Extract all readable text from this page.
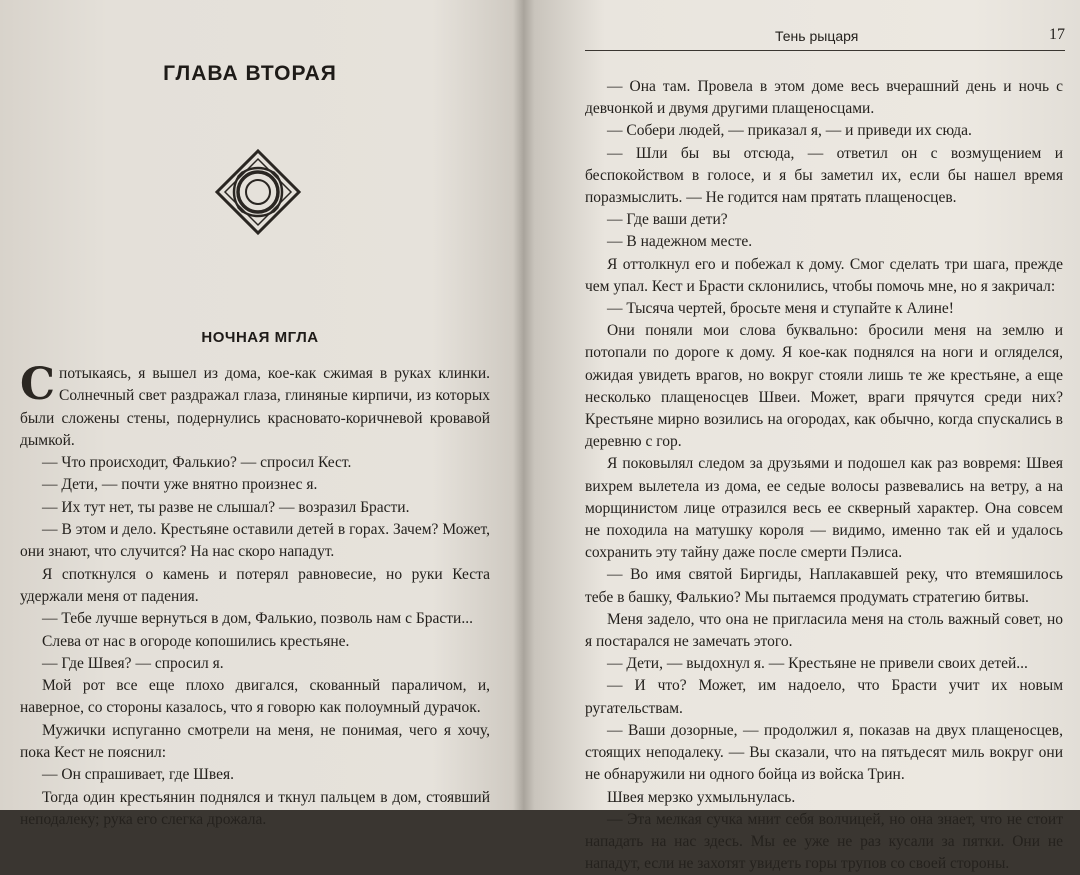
ГЛАВА ВТОРАЯ
НОЧНАЯ МГЛА

Спотыкаясь, я вышел из дома, кое-как сжимая в руках клинки. Солнечный свет раздражал глаза, глиняные кирпичи, из которых были сложены стены, подернулись красновато-коричневой кровавой дымкой.

— Что происходит, Фалькио? — спросил Кест.

— Дети, — почти уже внятно произнес я.

— Их тут нет, ты разве не слышал? — возразил Брасти.

— В этом и дело. Крестьяне оставили детей в горах. Зачем? Может, они знают, что случится? На нас скоро нападут.

Я споткнулся о камень и потерял равновесие, но руки Кеста удержали меня от падения.

— Тебе лучше вернуться в дом, Фалькио, позволь нам с Брасти...

Слева от нас в огороде копошились крестьяне.

— Где Швея? — спросил я.

Мой рот все еще плохо двигался, скованный параличом, и, наверное, со стороны казалось, что я говорю как полоумный дурачок.

Мужички испуганно смотрели на меня, не понимая, чего я хочу, пока Кест не пояснил:

— Он спрашивает, где Швея.

Тогда один крестьянин поднялся и ткнул пальцем в дом, стоявший неподалеку; рука его слегка дрожала.

Тень рыцаря	17

— Она там. Провела в этом доме весь вчерашний день и ночь с девчонкой и двумя другими плащеносцами.

— Собери людей, — приказал я, — и приведи их сюда.

— Шли бы вы отсюда, — ответил он с возмущением и беспокойством в голосе, и я бы заметил их, если бы нашел время поразмыслить. — Не годится нам прятать плащеносцев.

— Где ваши дети?

— В надежном месте.

Я оттолкнул его и побежал к дому. Смог сделать три шага, прежде чем упал. Кест и Брасти склонились, чтобы помочь мне, но я закричал:

— Тысяча чертей, бросьте меня и ступайте к Алине!

Они поняли мои слова буквально: бросили меня на землю и потопали по дороге к дому. Я кое-как поднялся на ноги и огляделся, ожидая увидеть врагов, но вокруг стояли лишь те же крестьяне, а еще несколько плащеносцев Швеи. Может, враги прячутся среди них? Крестьяне мирно возились на огородах, как обычно, когда спускались в деревню с гор.

Я поковылял следом за друзьями и подошел как раз вовремя: Швея вихрем вылетела из дома, ее седые волосы развевались на ветру, а на морщинистом лице отразился весь ее скверный характер. Она совсем не походила на матушку короля — видимо, именно так ей и удалось сохранить эту тайну даже после смерти Пэлиса.

— Во имя святой Биргиды, Наплакавшей реку, что втемяшилось тебе в башку, Фалькио? Мы пытаемся продумать стратегию битвы.

Меня задело, что она не пригласила меня на столь важный совет, но я постарался не замечать этого.

— Дети, — выдохнул я. — Крестьяне не привели своих детей...

— И что? Может, им надоело, что Брасти учит их новым ругательствам.

— Ваши дозорные, — продолжил я, показав на двух плащеносцев, стоящих неподалеку. — Вы сказали, что на пятьдесят миль вокруг они не обнаружили ни одного бойца из войска Трин.

Швея мерзко ухмыльнулась.

— Эта мелкая сучка мнит себя волчицей, но она знает, что не стоит нападать на нас здесь. Мы ее уже не раз кусали за пятки. Они не нападут, если не захотят увидеть горы трупов со своей стороны.
